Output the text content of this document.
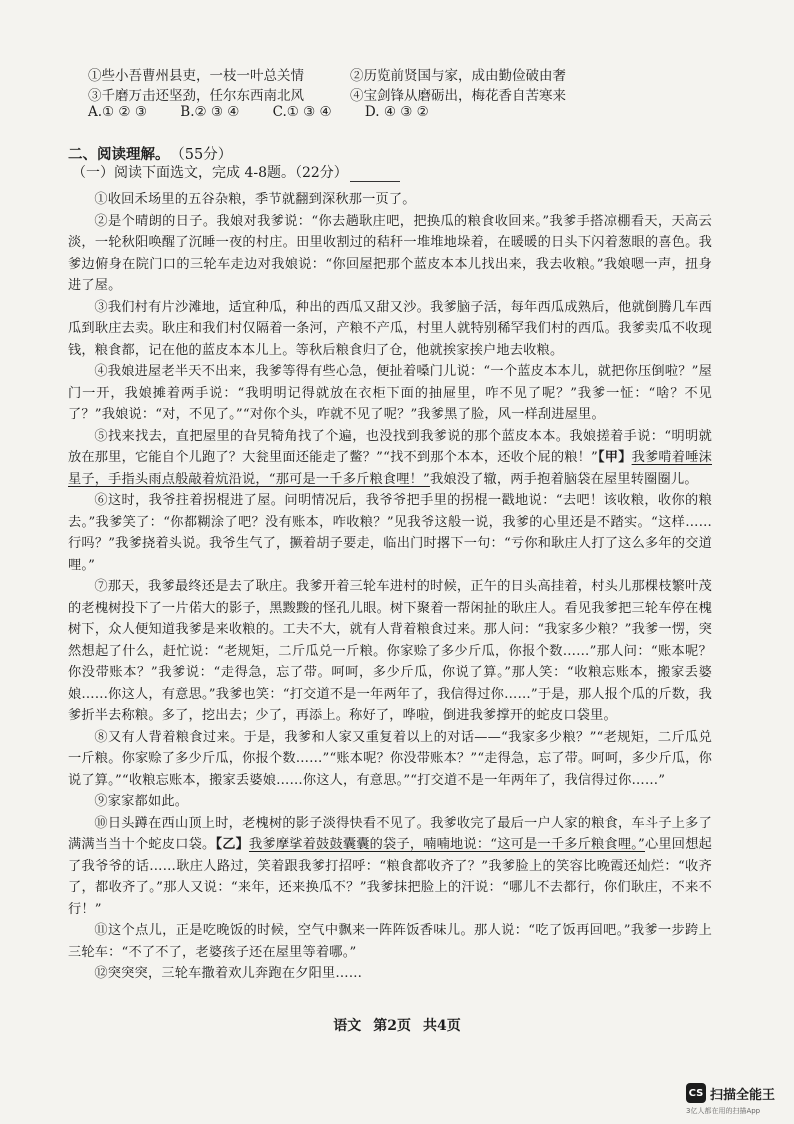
①些小吾曹州县吏，一枝一叶总关情	②历览前贤国与家，成由勤俭破由奢
③千磨万击还坚劲，任尔东西南北风	④宝剑锋从磨砺出，梅花香自苦寒来
A.① ② ③ B.② ③ ④ C.① ③ ④ D. ④ ③ ②
二、阅读理解。 （55分）
（一）阅读下面选文，完成 4-8题。（22分）

①收回禾场里的五谷杂粮，季节就翻到深秋那一页了。

②是个晴朗的日子。我娘对我爹说：“你去趟耿庄吧，把换瓜的粮食收回来。”我爹手搭凉棚看天，天高云淡，一轮秋阳唤醒了沉睡一夜的村庄。田里收割过的秸秆一堆堆地垛着，在暖暖的日头下闪着葱眼的喜色。我爹边俯身在院门口的三轮车走边对我娘说：“你回屋把那个蓝皮本本儿找出来，我去收粮。”我娘嗯一声，扭身进了屋。

③我们村有片沙滩地，适宜种瓜，种出的西瓜又甜又沙。我爹脑子活，每年西瓜成熟后，他就倒腾几车西瓜到耿庄去卖。耿庄和我们村仅隔着一条河，产粮不产瓜，村里人就特别稀罕我们村的西瓜。我爹卖瓜不收现钱，粮食都，记在他的蓝皮本本儿上。等秋后粮食归了仓，他就挨家挨户地去收粮。

④我娘进屋老半天不出来，我爹等得有些心急，便扯着嗓门儿说：“一个蓝皮本本儿，就把你压倒啦？”屋门一开，我娘摊着两手说：“我明明记得就放在衣柜下面的抽屉里，咋不见了呢？”我爹一怔：“啥？不见了？”我娘说：“对，不见了。”“对你个头，咋就不见了呢？”我爹黑了脸，风一样刮进屋里。

⑤找来找去，直把屋里的旮旯犄角找了个遍，也没找到我爹说的那个蓝皮本本。我娘搓着手说：“明明就放在那里，它能自个儿跑了？大瓮里面还能走了鳖？”“找不到那个本本，还收个屁的粮！”【甲】我爹啃着唾沫星子，手指头雨点般敲着炕沿说，“那可是一千多斤粮食哩！”我娘没了辙，两手抱着脑袋在屋里转圈圈儿。

⑥这时，我爷拄着拐棍进了屋。问明情况后，我爷爷把手里的拐棍一戳地说：“去吧！该收粮，收你的粮去。”我爹笑了：“你都糊涂了吧？没有账本，咋收粮？”见我爷这般一说，我爹的心里还是不踏实。“这样……行吗？”我爹挠着头说。我爷生气了，撅着胡子要走，临出门时撂下一句：“亏你和耿庄人打了这么多年的交道哩。”

⑦那天，我爹最终还是去了耿庄。我爹开着三轮车进村的时候，正午的日头高挂着，村头儿那棵枝繁叶茂的老槐树投下了一片偌大的影子，黑黢黢的怪孔儿眼。树下聚着一帮闲扯的耿庄人。看见我爹把三轮车停在槐树下，众人便知道我爹是来收粮的。工夫不大，就有人背着粮食过来。那人问：“我家多少粮？”我爹一愣，突然想起了什么，赶忙说：“老规矩，二斤瓜兑一斤粮。你家赊了多少斤瓜，你报个数……”那人问：“账本呢？你没带账本？”我爹说：“走得急，忘了带。呵呵，多少斤瓜，你说了算。”那人笑：“收粮忘账本，搬家丢婆娘……你这人，有意思。”我爹也笑：“打交道不是一年两年了，我信得过你……”于是，那人报个瓜的斤数，我爹折半去称粮。多了，挖出去；少了，再添上。称好了，哗啦，倒进我爹撑开的蛇皮口袋里。

⑧又有人背着粮食过来。于是，我爹和人家又重复着以上的对话——“我家多少粮？”“老规矩，二斤瓜兑一斤粮。你家赊了多少斤瓜，你报个数……”“账本呢？你没带账本？”“走得急，忘了带。呵呵，多少斤瓜，你说了算。”“收粮忘账本，搬家丢婆娘……你这人，有意思。”“打交道不是一年两年了，我信得过你……”

⑨家家都如此。

⑩日头蹲在西山顶上时，老槐树的影子淡得快看不见了。我爹收完了最后一户人家的粮食，车斗子上多了满满当当十个蛇皮口袋。【乙】我爹摩挲着鼓鼓囊囊的袋子，喃喃地说：“这可是一千多斤粮食哩。”心里回想起了我爷爷的话……耿庄人路过，笑着跟我爹打招呼：“粮食都收齐了？”我爹脸上的笑容比晚霞还灿烂：“收齐了，都收齐了。”那人又说：“来年，还来换瓜不？”我爹抹把脸上的汗说：“哪儿不去都行，你们耿庄，不来不行！”

⑪这个点儿，正是吃晚饭的时候，空气中飘来一阵阵饭香味儿。那人说：“吃了饭再回吧。”我爹一步跨上三轮车：“不了不了，老婆孩子还在屋里等着哪。”

⑫突突突，三轮车撒着欢儿奔跑在夕阳里……

语文 第2页 共4页
CS 扫描全能王
3亿人都在用的扫描App
